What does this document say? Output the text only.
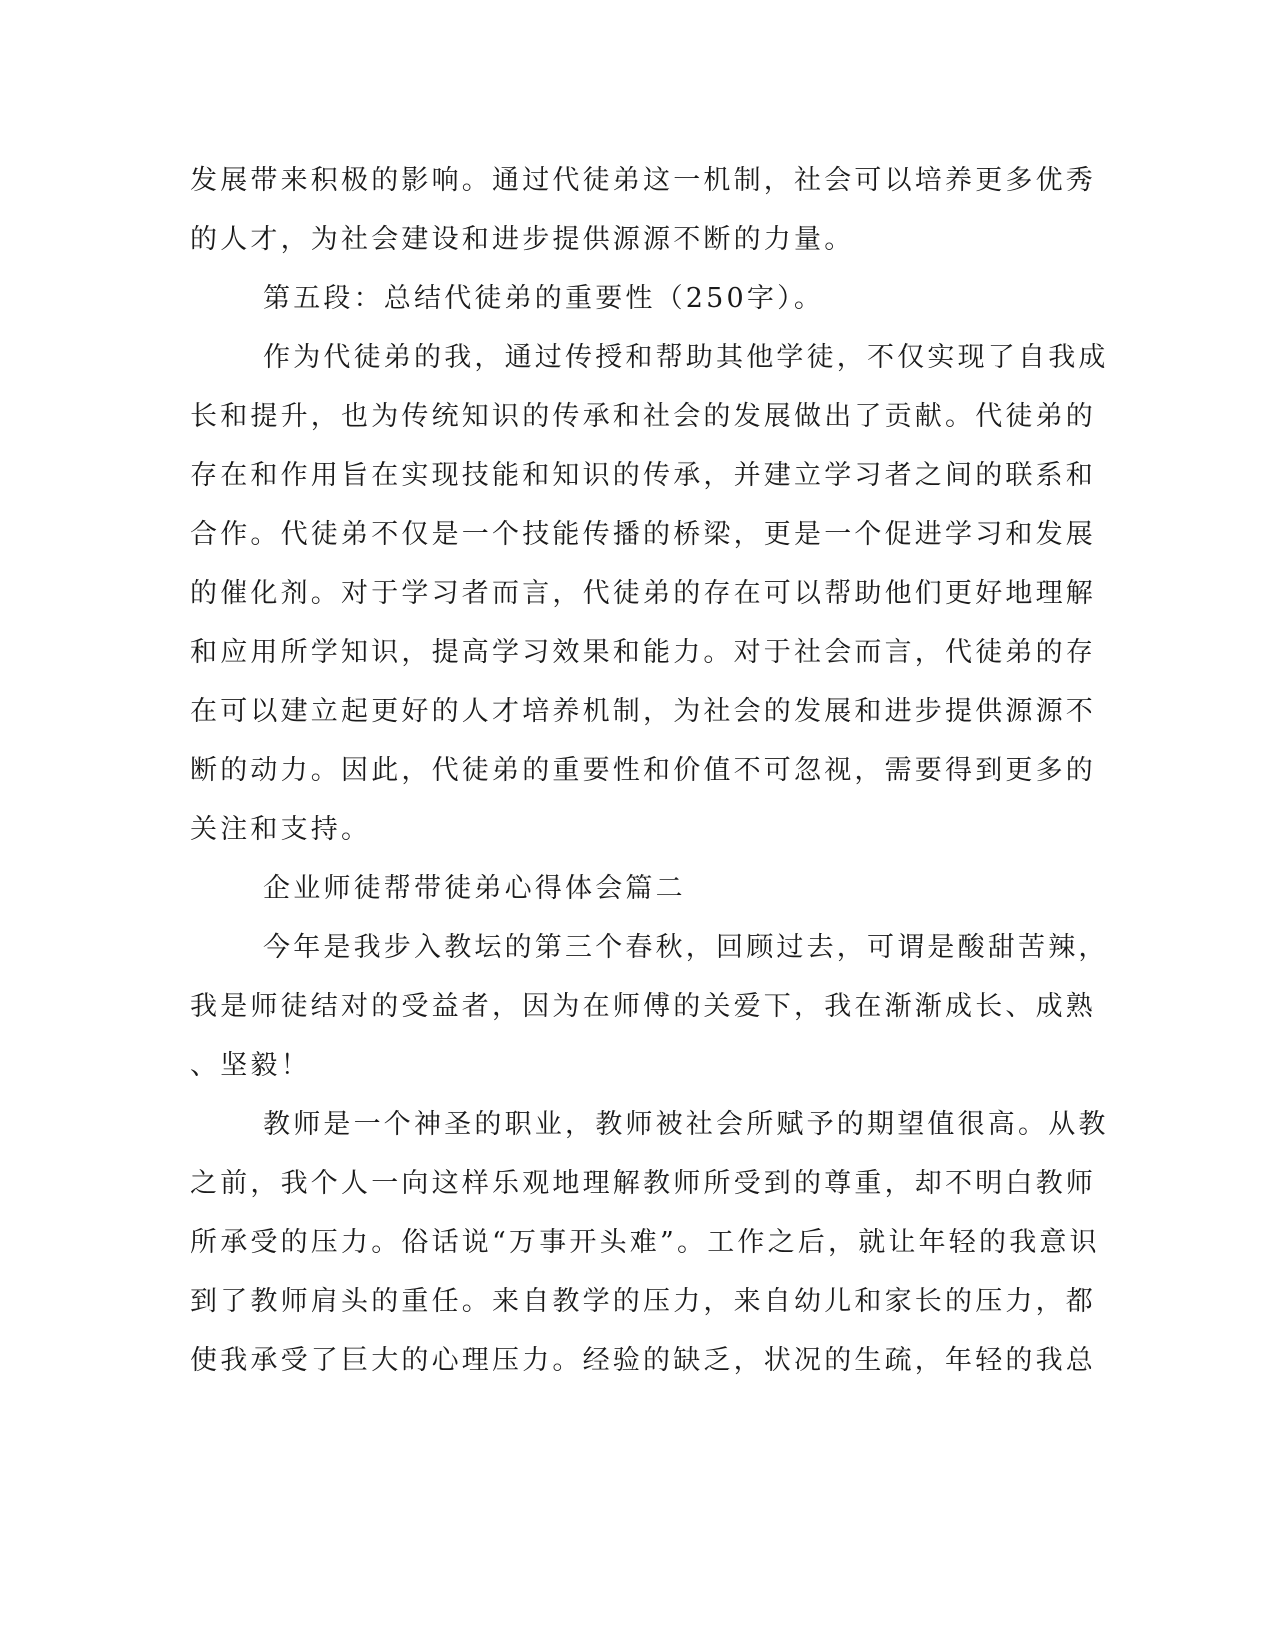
发展带来积极的影响。通过代徒弟这一机制，社会可以培养更多优秀
的人才，为社会建设和进步提供源源不断的力量。
第五段：总结代徒弟的重要性（250字）。
作为代徒弟的我，通过传授和帮助其他学徒，不仅实现了自我成
长和提升，也为传统知识的传承和社会的发展做出了贡献。代徒弟的
存在和作用旨在实现技能和知识的传承，并建立学习者之间的联系和
合作。代徒弟不仅是一个技能传播的桥梁，更是一个促进学习和发展
的催化剂。对于学习者而言，代徒弟的存在可以帮助他们更好地理解
和应用所学知识，提高学习效果和能力。对于社会而言，代徒弟的存
在可以建立起更好的人才培养机制，为社会的发展和进步提供源源不
断的动力。因此，代徒弟的重要性和价值不可忽视，需要得到更多的
关注和支持。
企业师徒帮带徒弟心得体会篇二
今年是我步入教坛的第三个春秋，回顾过去，可谓是酸甜苦辣，
我是师徒结对的受益者，因为在师傅的关爱下，我在渐渐成长、成熟
、坚毅！
教师是一个神圣的职业，教师被社会所赋予的期望值很高。从教
之前，我个人一向这样乐观地理解教师所受到的尊重，却不明白教师
所承受的压力。俗话说“万事开头难”。工作之后，就让年轻的我意识
到了教师肩头的重任。来自教学的压力，来自幼儿和家长的压力，都
使我承受了巨大的心理压力。经验的缺乏，状况的生疏，年轻的我总
